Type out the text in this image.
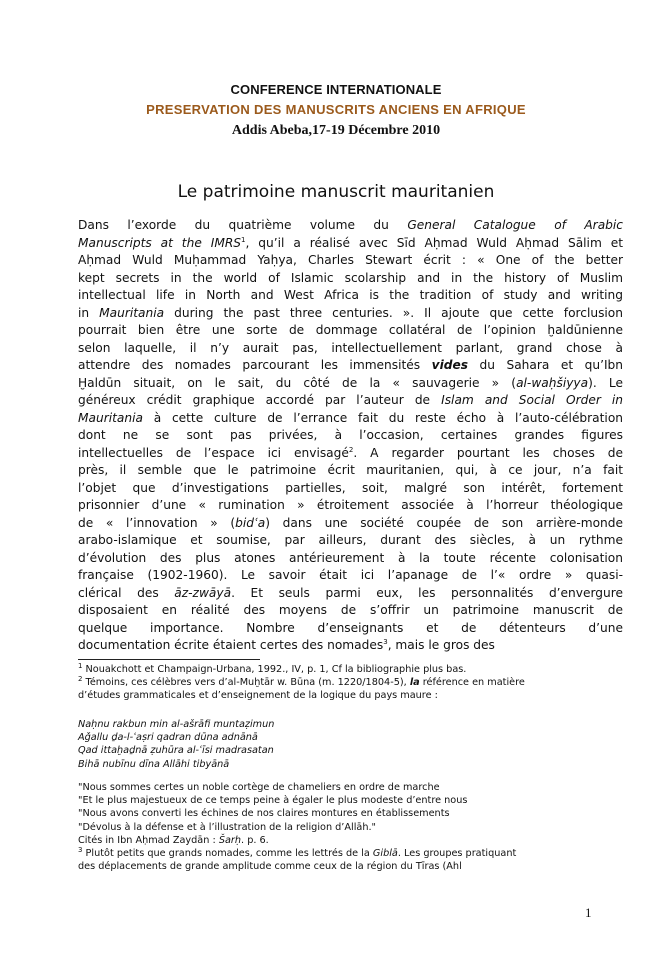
CONFERENCE INTERNATIONALE
PRESERVATION DES MANUSCRITS ANCIENS EN AFRIQUE
Addis Abeba,17-19 Décembre 2010
Le patrimoine manuscrit mauritanien
Dans l’exorde du quatrième volume du General Catalogue of Arabic
Manuscripts at the IMRS$^1$, qu’il a réalisé avec Sīd Aḥmad Wuld Aḥmad Sālim et
Aḥmad Wuld Muḥammad Yaḥya, Charles Stewart écrit : « One of the better
kept secrets in the world of Islamic scolarship and in the history of Muslim
intellectual life in North and West Africa is the tradition of study and writing
in Mauritania during the past three centuries. ». Il ajoute que cette forclusion
pourrait bien être une sorte de dommage collatéral de l’opinion ḫaldūnienne
selon laquelle, il n’y aurait pas, intellectuellement parlant, grand chose à
attendre des nomades parcourant les immensités vides du Sahara et qu’Ibn
Ḫaldūn situait, on le sait, du côté de la « sauvagerie » (al-waḥšiyya). Le
généreux crédit graphique accordé par l’auteur de Islam and Social Order in
Mauritania à cette culture de l’errance fait du reste écho à l’auto-célébration
dont ne se sont pas privées, à l’occasion, certaines grandes figures
intellectuelles de l’espace ici envisagé$^2$. A regarder pourtant les choses de
près, il semble que le patrimoine écrit mauritanien, qui, à ce jour, n’a fait
l’objet que d’investigations partielles, soit, malgré son intérêt, fortement
prisonnier d’une « rumination » étroitement associée à l’horreur théologique
de « l’innovation » (bidʿa) dans une société coupée de son arrière-monde
arabo-islamique et soumise, par ailleurs, durant des siècles, à un rythme
d’évolution des plus atones antérieurement à la toute récente colonisation
française (1902-1960). Le savoir était ici l’apanage de l’« ordre » quasi-
clérical des āz-zwāyā. Et seuls parmi eux, les personnalités d’envergure
disposaient en réalité des moyens de s’offrir un patrimoine manuscrit de
quelque importance. Nombre d’enseignants et de détenteurs d’une
documentation écrite étaient certes des nomades$^3$, mais le gros des
$^1$ Nouakchott et Champaign-Urbana, 1992., IV, p. 1, Cf la bibliographie plus bas.
$^2$ Témoins, ces célèbres vers d’al-Muḫtār w. Būna (m. 1220/1804-5), la référence en matière
d’études grammaticales et d’enseignement de la logique du pays maure :
Naḥnu rakbun min al-ašrāfi muntaẓimun
Aǧallu ḏa-l-ʿaṣri qadran dūna adnānā
Qad ittaḫaḏnā ẓuhūra al-ʿīsi madrasatan
Bihā nubīnu dīna Allāhi tibyānā
"Nous sommes certes un noble cortège de chameliers en ordre de marche
"Et le plus majestueux de ce temps peine à égaler le plus modeste d’entre nous
"Nous avons converti les échines de nos claires montures en établissements
"Dévolus à la défense et à l’illustration de la religion d’Allāh."
Cités in Ibn Aḥmad Zaydān : Šarḥ. p. 6.
$^3$ Plutôt petits que grands nomades, comme les lettrés de la Giblā. Les groupes pratiquant
des déplacements de grande amplitude comme ceux de la région du Tīras (Ahl
1
